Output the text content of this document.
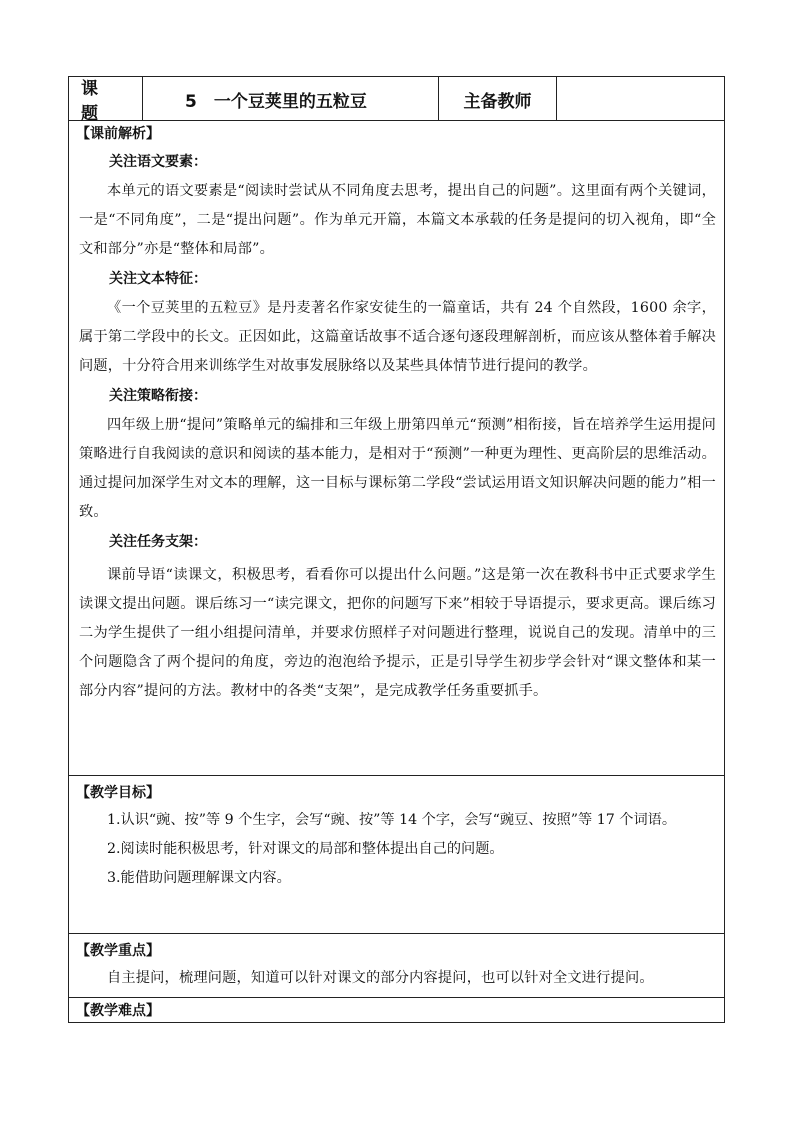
课题
5　一个豆荚里的五粒豆	主备教师
【课前解析】
关注语文要素：

本单元的语文要素是“阅读时尝试从不同角度去思考，提出自己的问题”。这里面有两个关键词，一是“不同角度”，二是“提出问题”。作为单元开篇，本篇文本承载的任务是提问的切入视角，即“全文和部分”亦是“整体和局部”。

关注文本特征：

《一个豆荚里的五粒豆》是丹麦著名作家安徒生的一篇童话，共有 24 个自然段，1600 余字，属于第二学段中的长文。正因如此，这篇童话故事不适合逐句逐段理解剖析，而应该从整体着手解决问题，十分符合用来训练学生对故事发展脉络以及某些具体情节进行提问的教学。

关注策略衔接：

四年级上册“提问”策略单元的编排和三年级上册第四单元“预测”相衔接，旨在培养学生运用提问策略进行自我阅读的意识和阅读的基本能力，是相对于“预测”一种更为理性、更高阶层的思维活动。通过提问加深学生对文本的理解，这一目标与课标第二学段“尝试运用语文知识解决问题的能力”相一致。

关注任务支架：

课前导语“读课文，积极思考，看看你可以提出什么问题。”这是第一次在教科书中正式要求学生读课文提出问题。课后练习一“读完课文，把你的问题写下来”相较于导语提示，要求更高。课后练习二为学生提供了一组小组提问清单，并要求仿照样子对问题进行整理，说说自己的发现。清单中的三个问题隐含了两个提问的角度，旁边的泡泡给予提示，正是引导学生初步学会针对“课文整体和某一部分内容”提问的方法。教材中的各类“支架”，是完成教学任务重要抓手。

【教学目标】

1.认识“豌、按”等 9 个生字，会写“豌、按”等 14 个字，会写“豌豆、按照”等 17 个词语。

2.阅读时能积极思考，针对课文的局部和整体提出自己的问题。

3.能借助问题理解课文内容。

【教学重点】

自主提问，梳理问题，知道可以针对课文的部分内容提问，也可以针对全文进行提问。

【教学难点】
